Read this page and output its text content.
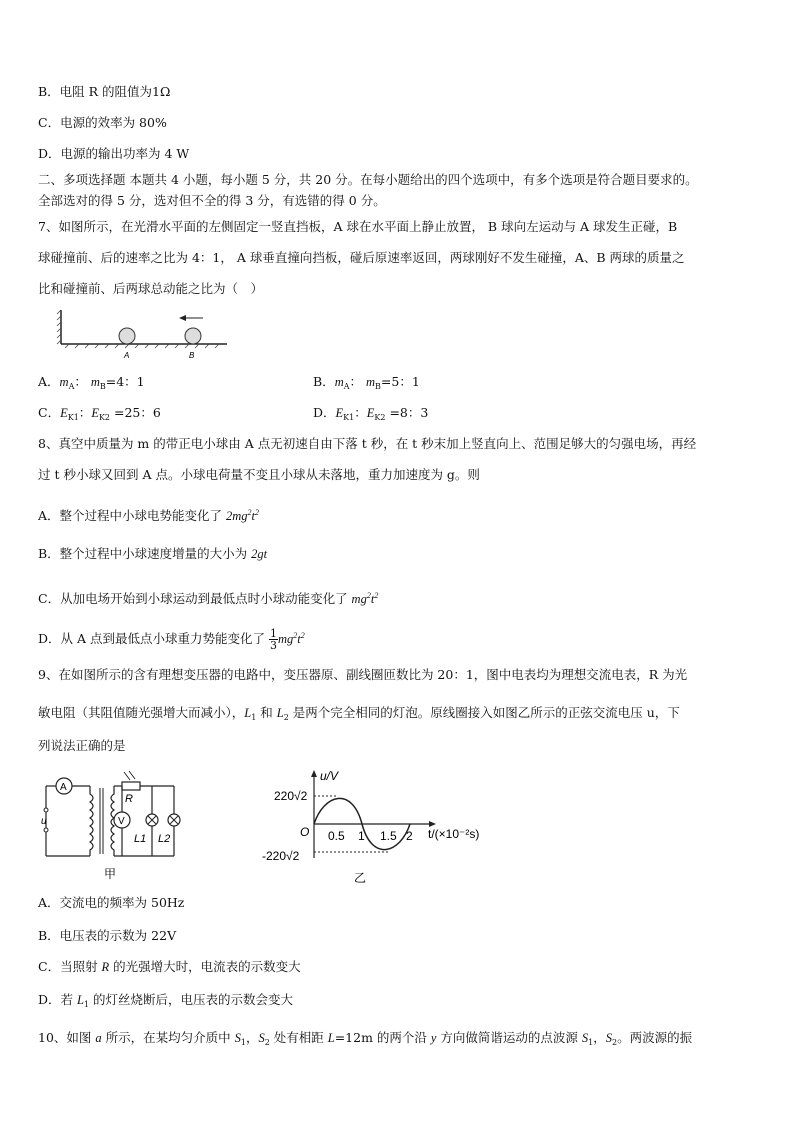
B．电阻 R 的阻值为1Ω
C．电源的效率为 80%
D．电源的输出功率为 4 W
二、多项选择题 本题共 4 小题，每小题 5 分，共 20 分。在每小题给出的四个选项中，有多个选项是符合题目要求的。
全部选对的得 5 分，选对但不全的得 3 分，有选错的得 0 分。
7、如图所示，在光滑水平面的左侧固定一竖直挡板，A 球在水平面上静止放置， B 球向左运动与 A 球发生正碰，B
球碰撞前、后的速率之比为 4：1， A 球垂直撞向挡板，碰后原速率返回，两球刚好不发生碰撞，A、B 两球的质量之
比和碰撞前、后两球总动能之比为（　）
A	B
A．$m_A$： $m_B=4$：1	B．$m_A$： $m_B=5$：1
C．$E_{K1}$：$E_{K2} =25$：6	D．$E_{K1}$：$E_{K2} =8$：3
8、真空中质量为 m 的带正电小球由 A 点无初速自由下落 t 秒，在 t 秒末加上竖直向上、范围足够大的匀强电场，再经
过 t 秒小球又回到 A 点。小球电荷量不变且小球从未落地，重力加速度为 g。则
A．整个过程中小球电势能变化了 $2mg^2t^2$
B．整个过程中小球速度增量的大小为 2gt
C．从加电场开始到小球运动到最低点时小球动能变化了 $mg^2t^2$
D．从 A 点到最低点小球重力势能变化了 $\frac{1}{3} mg^2t^2$
9、在如图所示的含有理想变压器的电路中，变压器原、副线圈匝数比为 20：1，图中电表均为理想交流电表，R 为光
敏电阻（其阻值随光强增大而减小），$L_1$ 和 $L_2$ 是两个完全相同的灯泡。原线圈接入如图乙所示的正弦交流电压 u，下
列说法正确的是
A
u
R
V
L1 L2
甲
u/V
220√2
-220√2
O 0.5 1 1.5 2 t/(×10⁻²s)
乙
A．交流电的频率为 50Hz
B．电压表的示数为 22V
C．当照射 R 的光强增大时，电流表的示数变大
D．若 $L_1$ 的灯丝烧断后，电压表的示数会变大
10、如图 a 所示，在某均匀介质中 $S_1$，$S_2$ 处有相距 L=12m 的两个沿 y 方向做简谐运动的点波源 $S_1$，$S_2$。两波源的振
